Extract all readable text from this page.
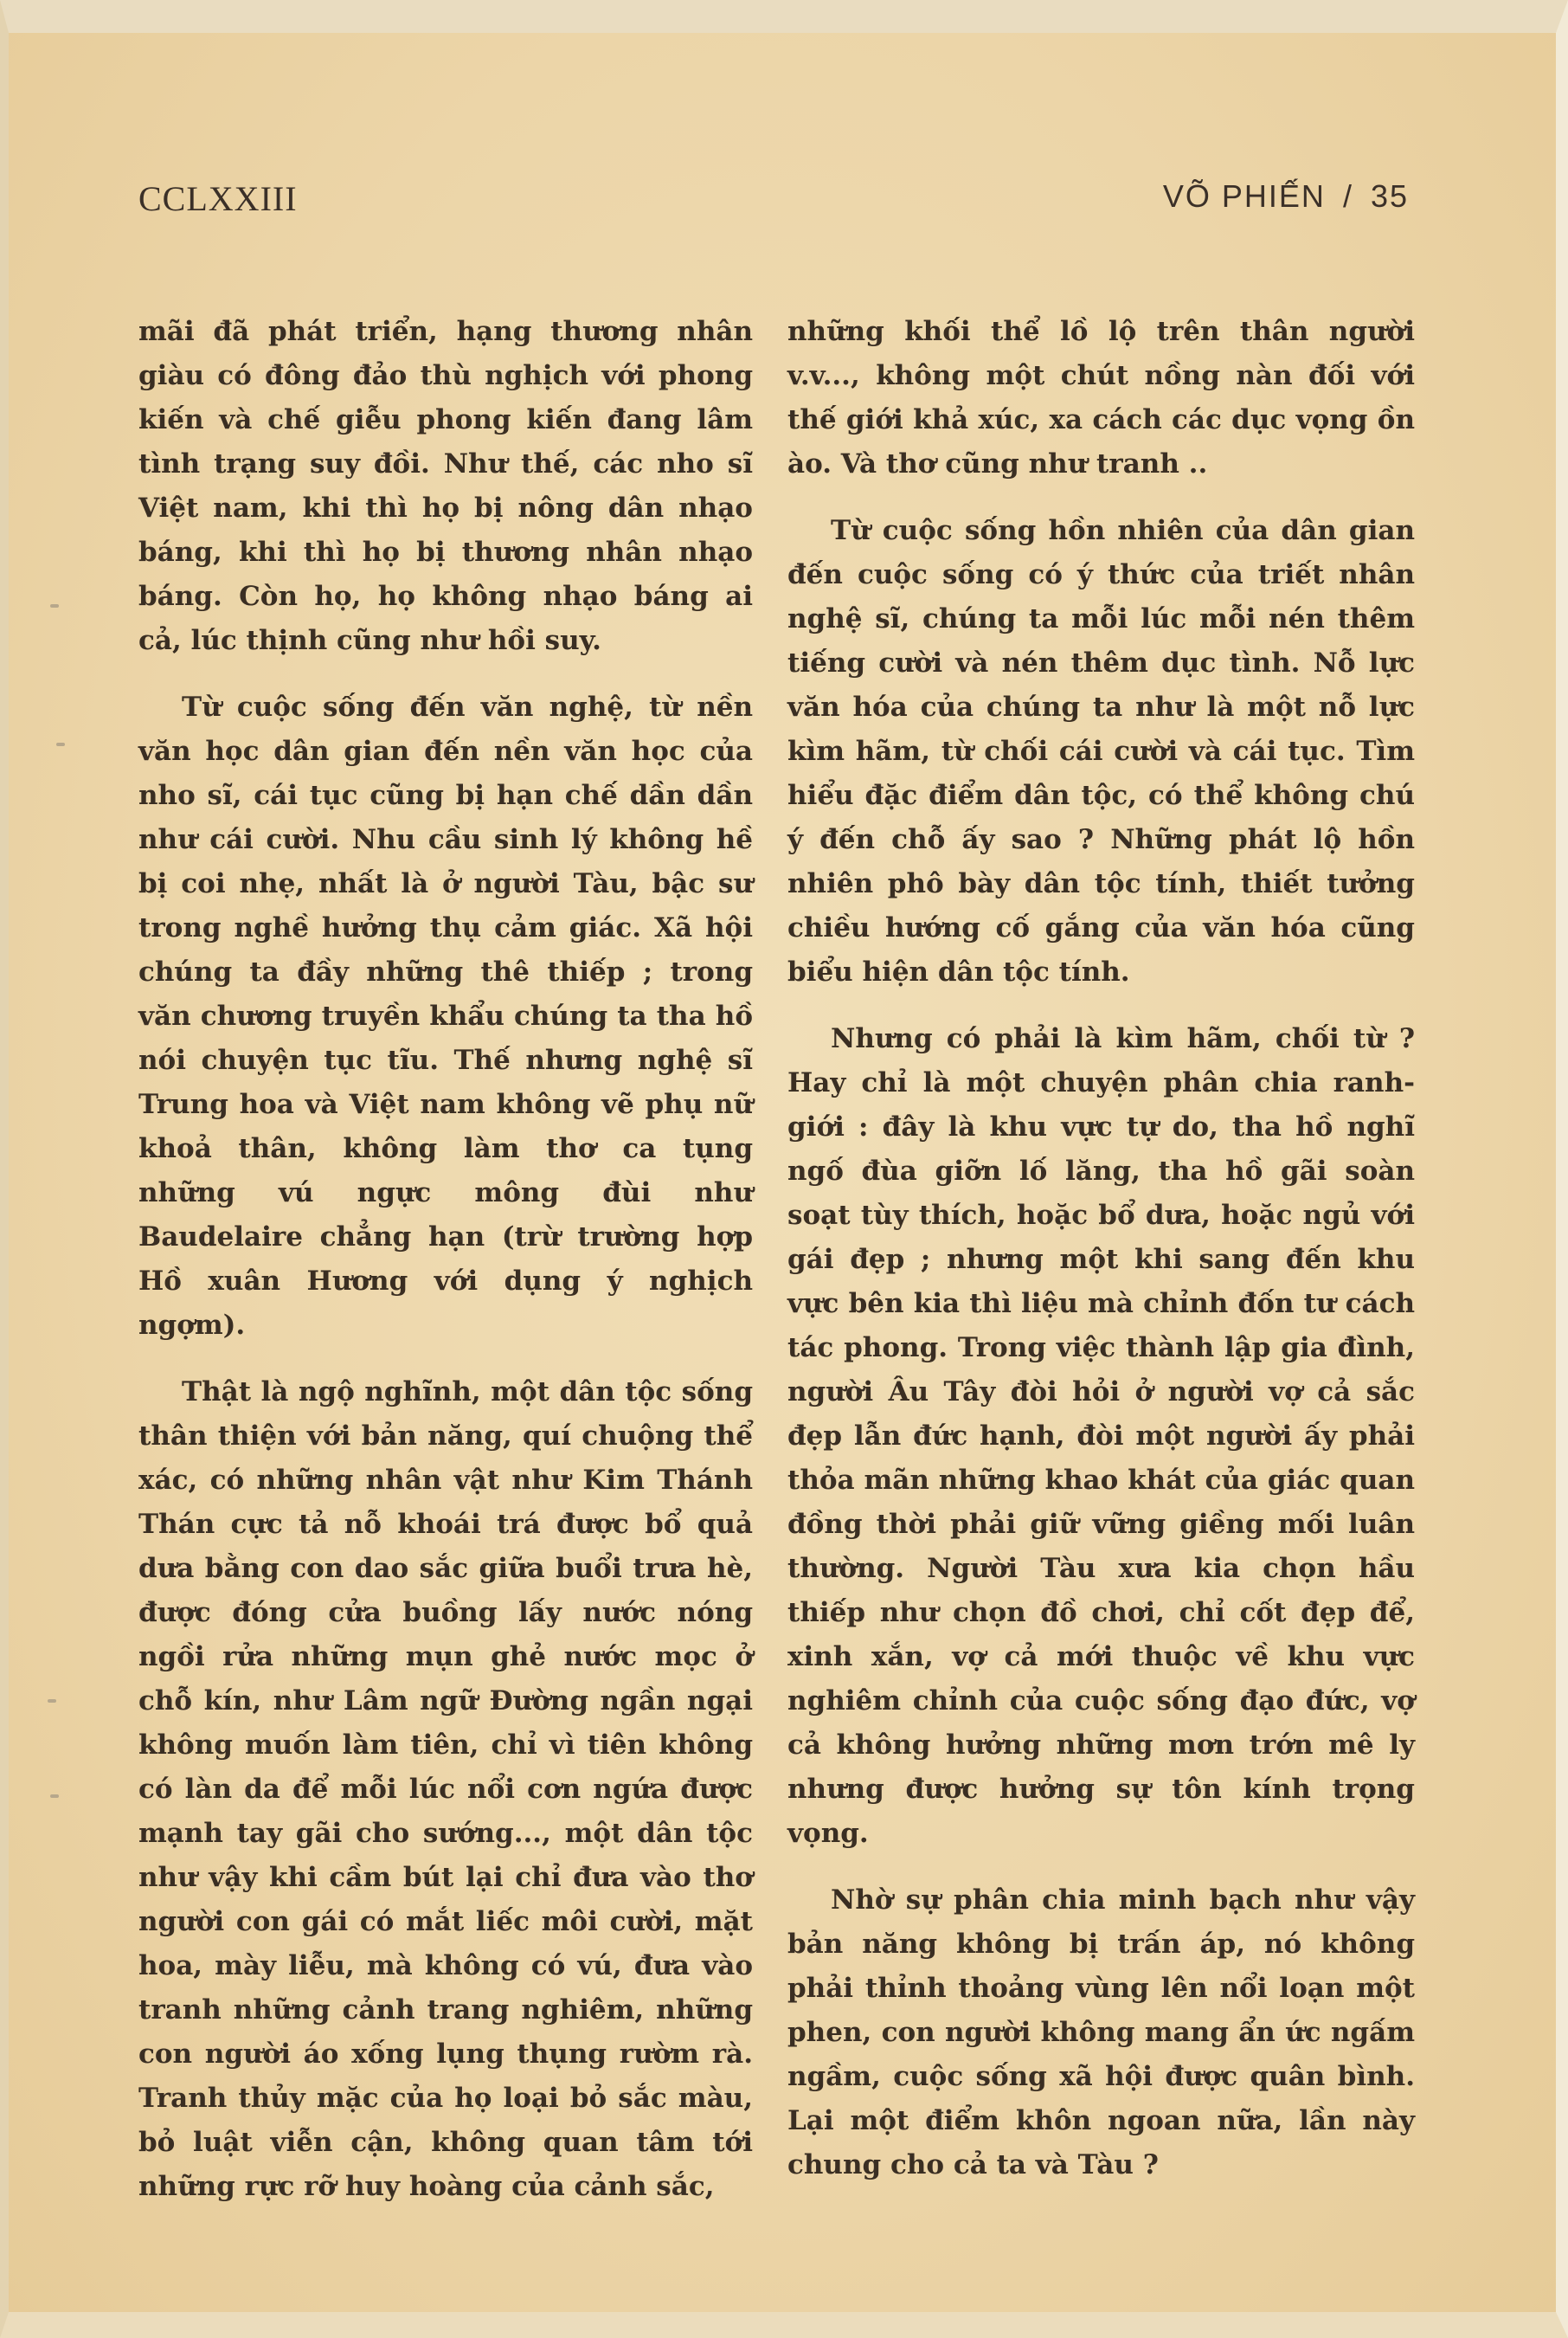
CCLXXIII	VÕ PHIẾN / 35

mãi đã phát triển, hạng thương nhân giàu có đông đảo thù nghịch với phong kiến và chế giễu phong kiến đang lâm tình trạng suy đồi. Như thế, các nho sĩ Việt nam, khi thì họ bị nông dân nhạo báng, khi thì họ bị thương nhân nhạo báng. Còn họ, họ không nhạo báng ai cả, lúc thịnh cũng như hồi suy.

Từ cuộc sống đến văn nghệ, từ nền văn học dân gian đến nền văn học của nho sĩ, cái tục cũng bị hạn chế dần dần như cái cười. Nhu cầu sinh lý không hề bị coi nhẹ, nhất là ở người Tàu, bậc sư trong nghề hưởng thụ cảm giác. Xã hội chúng ta đầy những thê thiếp ; trong văn chương truyền khẩu chúng ta tha hồ nói chuyện tục tĩu. Thế nhưng nghệ sĩ Trung hoa và Việt nam không vẽ phụ nữ khoả thân, không làm thơ ca tụng những vú ngực mông đùi như Baudelaire chẳng hạn (trừ trường hợp Hồ xuân Hương với dụng ý nghịch ngợm).

Thật là ngộ nghĩnh, một dân tộc sống thân thiện với bản năng, quí chuộng thể xác, có những nhân vật như Kim Thánh Thán cực tả nỗ khoái trá được bổ quả dưa bằng con dao sắc giữa buổi trưa hè, được đóng cửa buồng lấy nước nóng ngồi rửa những mụn ghẻ nước mọc ở chỗ kín, như Lâm ngữ Đường ngần ngại không muốn làm tiên, chỉ vì tiên không có làn da để mỗi lúc nổi cơn ngứa được mạnh tay gãi cho sướng..., một dân tộc như vậy khi cầm bút lại chỉ đưa vào thơ người con gái có mắt liếc môi cười, mặt hoa, mày liễu, mà không có vú, đưa vào tranh những cảnh trang nghiêm, những con người áo xống lụng thụng rườm rà. Tranh thủy mặc của họ loại bỏ sắc màu, bỏ luật viễn cận, không quan tâm tới những rực rỡ huy hoàng của cảnh sắc,

những khối thể lồ lộ trên thân người v.v..., không một chút nồng nàn đối với thế giới khả xúc, xa cách các dục vọng ồn ào. Và thơ cũng như tranh ..

Từ cuộc sống hồn nhiên của dân gian đến cuộc sống có ý thức của triết nhân nghệ sĩ, chúng ta mỗi lúc mỗi nén thêm tiếng cười và nén thêm dục tình. Nỗ lực văn hóa của chúng ta như là một nỗ lực kìm hãm, từ chối cái cười và cái tục. Tìm hiểu đặc điểm dân tộc, có thể không chú ý đến chỗ ấy sao ? Những phát lộ hồn nhiên phô bày dân tộc tính, thiết tưởng chiều hướng cố gắng của văn hóa cũng biểu hiện dân tộc tính.

Nhưng có phải là kìm hãm, chối từ ? Hay chỉ là một chuyện phân chia ranh-giới : đây là khu vực tự do, tha hồ nghĩ ngố đùa giỡn lố lăng, tha hồ gãi soàn soạt tùy thích, hoặc bổ dưa, hoặc ngủ với gái đẹp ; nhưng một khi sang đến khu vực bên kia thì liệu mà chỉnh đốn tư cách tác phong. Trong việc thành lập gia đình, người Âu Tây đòi hỏi ở người vợ cả sắc đẹp lẫn đức hạnh, đòi một người ấy phải thỏa mãn những khao khát của giác quan đồng thời phải giữ vững giềng mối luân thường. Người Tàu xưa kia chọn hầu thiếp như chọn đồ chơi, chỉ cốt đẹp để, xinh xắn, vợ cả mới thuộc về khu vực nghiêm chỉnh của cuộc sống đạo đức, vợ cả không hưởng những mơn trớn mê ly nhưng được hưởng sự tôn kính trọng vọng.

Nhờ sự phân chia minh bạch như vậy bản năng không bị trấn áp, nó không phải thỉnh thoảng vùng lên nổi loạn một phen, con người không mang ẩn ức ngấm ngầm, cuộc sống xã hội được quân bình. Lại một điểm khôn ngoan nữa, lần này chung cho cả ta và Tàu ?
